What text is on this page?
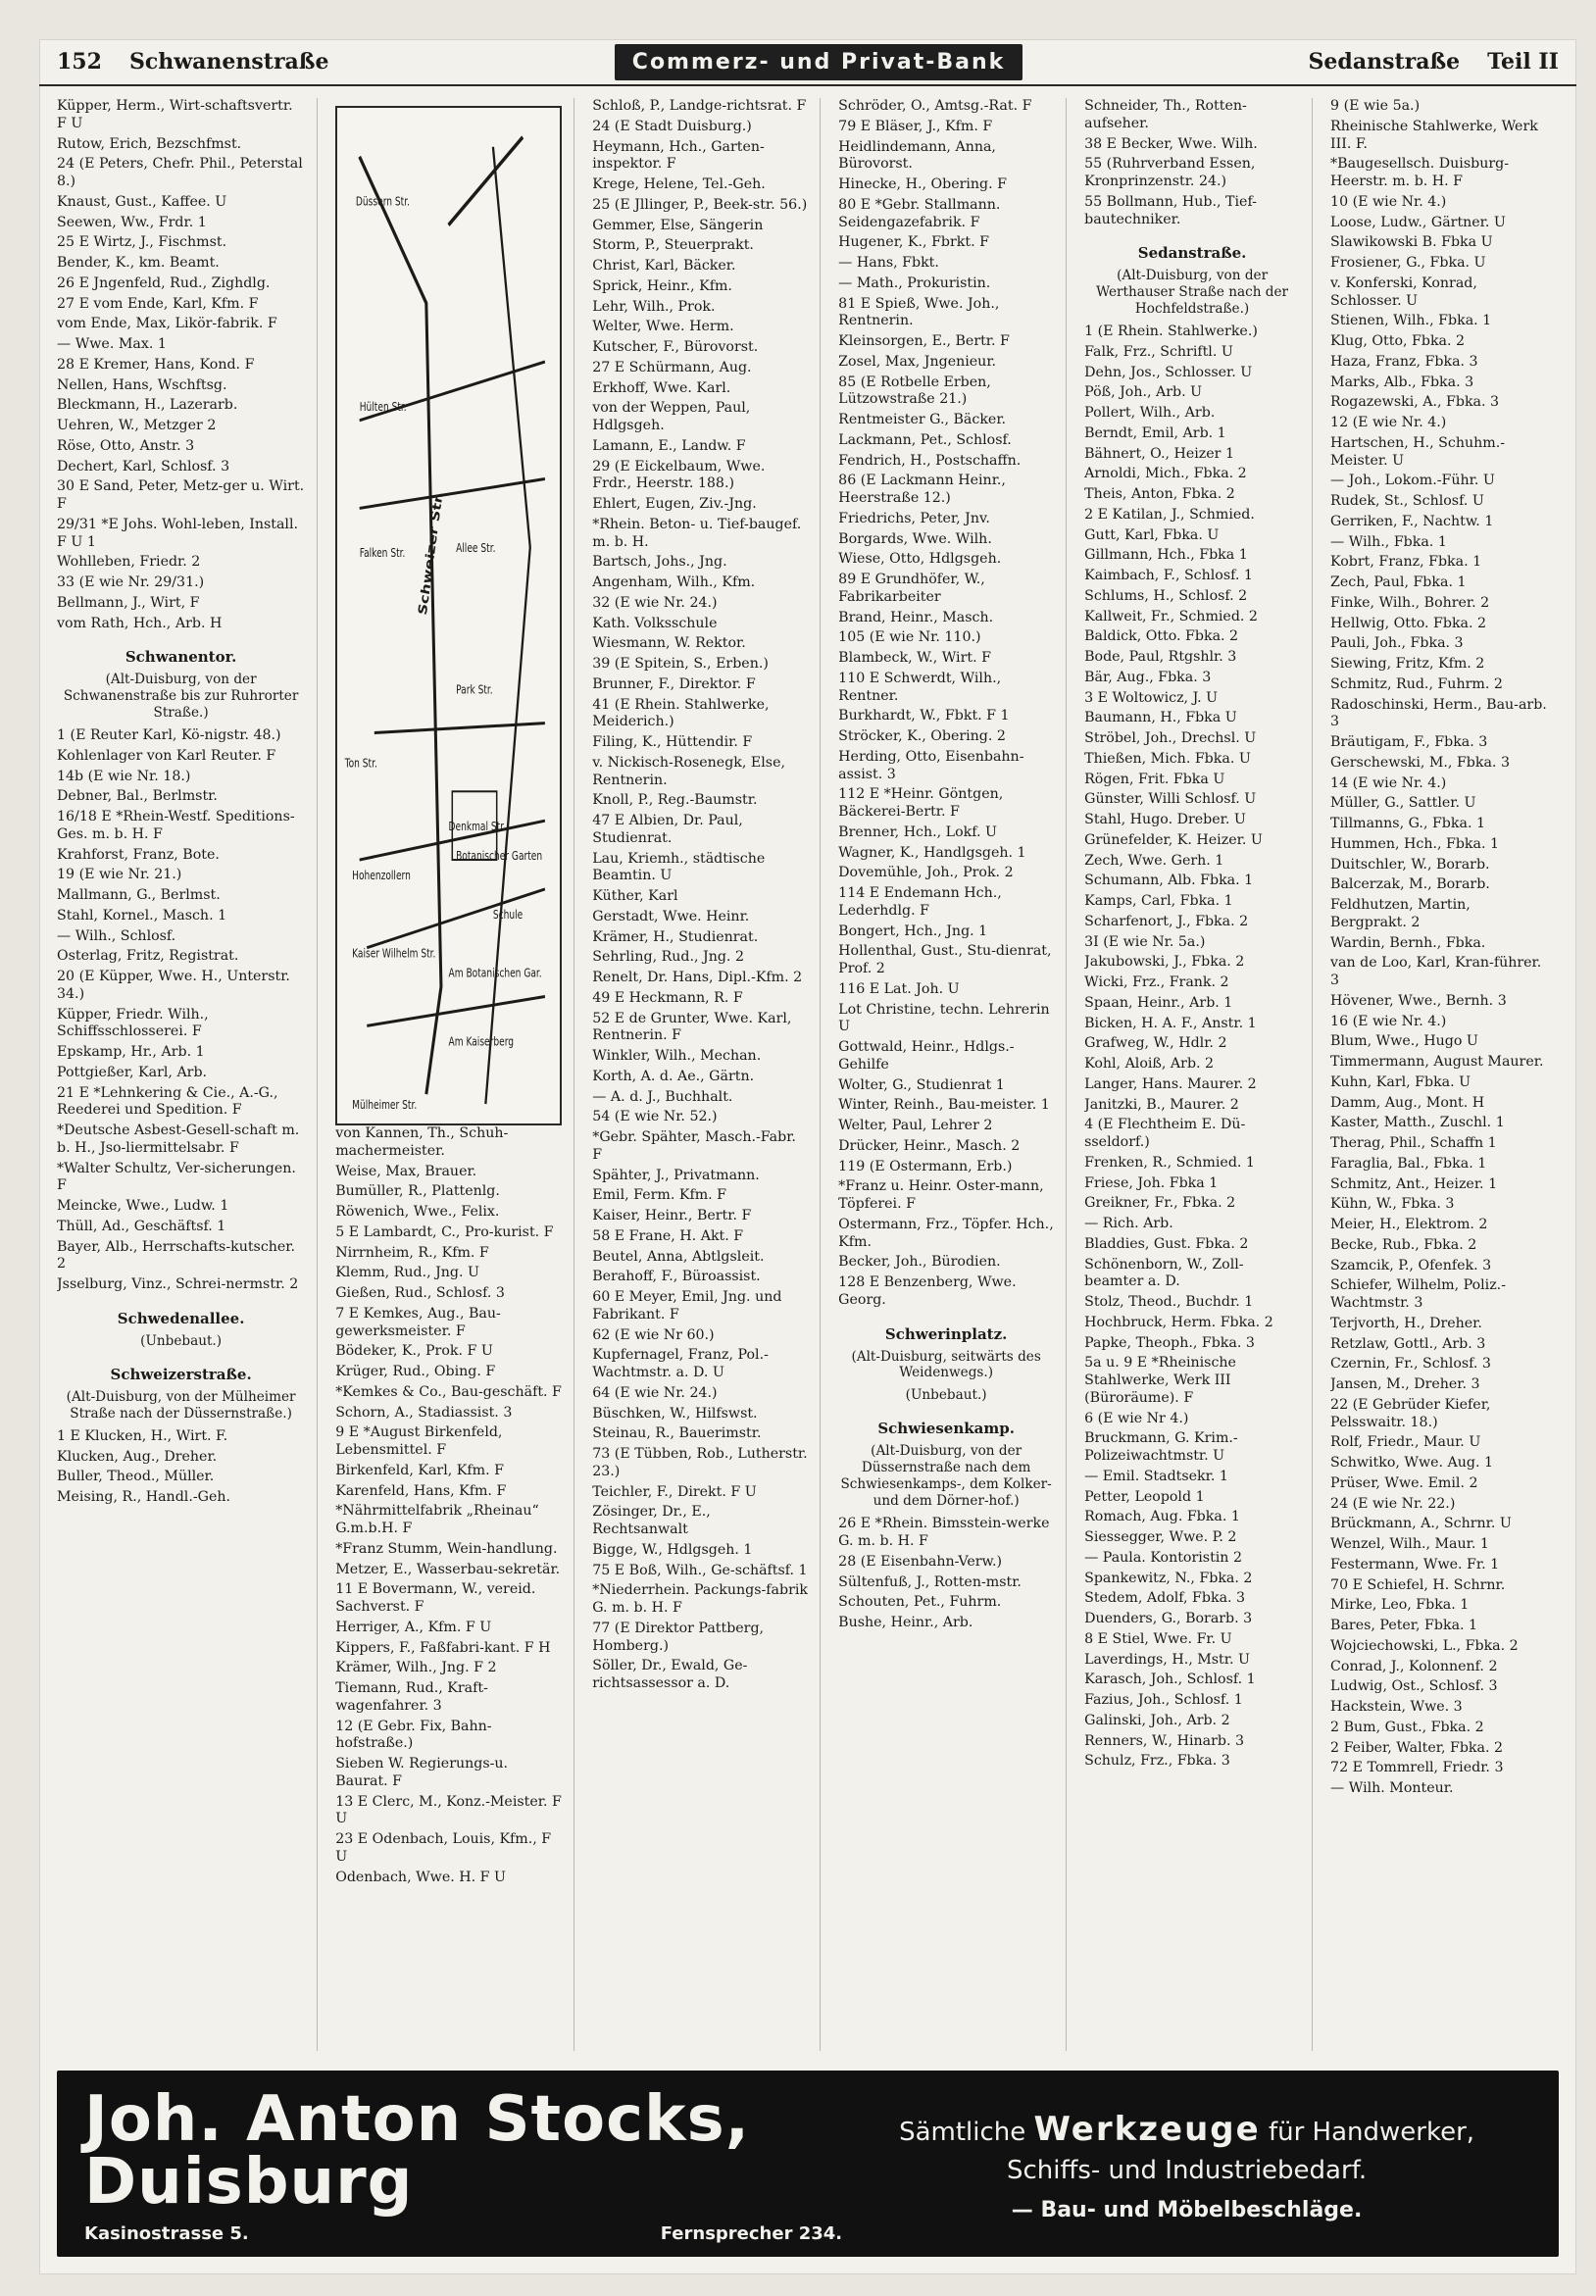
152 Schwanenstraße	Commerz- und Privat-Bank	Sedanstraße Teil II
Küpper, Herm., Wirt-schaftsvertr. F U
Rutow, Erich, Bezschfmst.
24 (E Peters, Chefr. Phil., Peterstal 8.)
Knaust, Gust., Kaffee. U
Seewen, Ww., Frdr. 1
25 E Wirtz, J., Fischmst.
Bender, K., km. Beamt.
26 E Jngenfeld, Rud., Zighdlg.
27 E vom Ende, Karl, Kfm. F
vom Ende, Max, Likör-fabrik. F
— Wwe. Max. 1
28 E Kremer, Hans, Kond. F
Nellen, Hans, Wschftsg.
Bleckmann, H., Lazerarb.
Uehren, W., Metzger 2
Röse, Otto, Anstr. 3
Dechert, Karl, Schlosf. 3
30 E Sand, Peter, Metz-ger u. Wirt. F
29/31 *E Johs. Wohl-leben, Install. F U 1
Wohlleben, Friedr. 2
33 (E wie Nr. 29/31.)
Bellmann, J., Wirt, F
vom Rath, Hch., Arb. H
Schwanentor.
(Alt-Duisburg, von der Schwanenstraße bis zur Ruhrorter Straße.)
1 (E Reuter Karl, Kö-nigstr. 48.)
Kohlenlager von Karl Reuter. F
14b (E wie Nr. 18.)
Debner, Bal., Berlmstr.
16/18 E *Rhein-Westf. Speditions-Ges. m. b. H. F
Krahforst, Franz, Bote.
19 (E wie Nr. 21.)
Mallmann, G., Berlmst.
Stahl, Kornel., Masch. 1
— Wilh., Schlosf.
Osterlag, Fritz, Registrat.
20 (E Küpper, Wwe. H., Unterstr. 34.)
Küpper, Friedr. Wilh., Schiffsschlosserei. F
Epskamp, Hr., Arb. 1
Pottgießer, Karl, Arb.
21 E *Lehnkering & Cie., A.-G., Reederei und Spedition. F
*Deutsche Asbest-Gesell-schaft m. b. H., Jso-liermittelsabr. F
*Walter Schultz, Ver-sicherungen. F
Meincke, Wwe., Ludw. 1
Thüll, Ad., Geschäftsf. 1
Bayer, Alb., Herrschafts-kutscher. 2
Jsselburg, Vinz., Schrei-nermstr. 2
Schwedenallee.
(Unbebaut.)
Schweizerstraße.
(Alt-Duisburg, von der Mülheimer Straße nach der Düssernstraße.)
1 E Klucken, H., Wirt. F.
Klucken, Aug., Dreher.
Buller, Theod., Müller.
Meising, R., Handl.-Geh.
Schweizer Str. Allee Str.
Park Str.
Denkmal Str.
Hohenzollern
Kaiser Wilhelm Str.
Botanischer Garten
Schule
Am Botanischen Gar.
Am Kaiserberg
Mülheimer Str.
Düssern Str.
Ton Str.
Falken Str.
Hülten Str.
von Kannen, Th., Schuh-machermeister.
Weise, Max, Brauer.
Bumüller, R., Plattenlg.
Röwenich, Wwe., Felix.
5 E Lambardt, C., Pro-kurist. F
Nirrnheim, R., Kfm. F
Klemm, Rud., Jng. U
Gießen, Rud., Schlosf. 3
7 E Kemkes, Aug., Bau-gewerksmeister. F
Bödeker, K., Prok. F U
Krüger, Rud., Obing. F
*Kemkes & Co., Bau-geschäft. F
Schorn, A., Stadiassist. 3
9 E *August Birkenfeld, Lebensmittel. F
Birkenfeld, Karl, Kfm. F
Karenfeld, Hans, Kfm. F
*Nährmittelfabrik „Rheinau“ G.m.b.H. F
*Franz Stumm, Wein-handlung.
Metzer, E., Wasserbau-sekretär.
11 E Bovermann, W., vereid. Sachverst. F
Herriger, A., Kfm. F U
Kippers, F., Faßfabri-kant. F H
Krämer, Wilh., Jng. F 2
Tiemann, Rud., Kraft-wagenfahrer. 3
12 (E Gebr. Fix, Bahn-hofstraße.)
Sieben W. Regierungs-u. Baurat. F
13 E Clerc, M., Konz.-Meister. F U
23 E Odenbach, Louis, Kfm., F U
Odenbach, Wwe. H. F U
Schloß, P., Landge-richtsrat. F
24 (E Stadt Duisburg.)
Heymann, Hch., Garten-inspektor. F
Krege, Helene, Tel.-Geh.
25 (E Jllinger, P., Beek-str. 56.)
Gemmer, Else, Sängerin
Storm, P., Steuerprakt.
Christ, Karl, Bäcker.
Sprick, Heinr., Kfm.
Lehr, Wilh., Prok.
Welter, Wwe. Herm.
Kutscher, F., Bürovorst.
27 E Schürmann, Aug.
Erkhoff, Wwe. Karl.
von der Weppen, Paul, Hdlgsgeh.
Lamann, E., Landw. F
29 (E Eickelbaum, Wwe. Frdr., Heerstr. 188.)
Ehlert, Eugen, Ziv.-Jng.
*Rhein. Beton- u. Tief-baugef. m. b. H.
Bartsch, Johs., Jng.
Angenham, Wilh., Kfm.
32 (E wie Nr. 24.)
Kath. Volksschule
Wiesmann, W. Rektor.
39 (E Spitein, S., Erben.)
Brunner, F., Direktor. F
41 (E Rhein. Stahlwerke, Meiderich.)
Filing, K., Hüttendir. F
v. Nickisch-Rosenegk, Else, Rentnerin.
Knoll, P., Reg.-Baumstr.
47 E Albien, Dr. Paul, Studienrat.
Lau, Kriemh., städtische Beamtin. U
Küther, Karl
Gerstadt, Wwe. Heinr.
Krämer, H., Studienrat.
Sehrling, Rud., Jng. 2
Renelt, Dr. Hans, Dipl.-Kfm. 2
49 E Heckmann, R. F
52 E de Grunter, Wwe. Karl, Rentnerin. F
Winkler, Wilh., Mechan.
Korth, A. d. Ae., Gärtn.
— A. d. J., Buchhalt.
54 (E wie Nr. 52.)
*Gebr. Spähter, Masch.-Fabr. F
Spähter, J., Privatmann.
Emil, Ferm. Kfm. F
Kaiser, Heinr., Bertr. F
58 E Frane, H. Akt. F
Beutel, Anna, Abtlgsleit.
Berahoff, F., Büroassist.
60 E Meyer, Emil, Jng. und Fabrikant. F
62 (E wie Nr 60.)
Kupfernagel, Franz, Pol.-Wachtmstr. a. D. U
64 (E wie Nr. 24.)
Büschken, W., Hilfswst.
Steinau, R., Bauerimstr.
73 (E Tübben, Rob., Lutherstr. 23.)
Teichler, F., Direkt. F U
Zösinger, Dr., E., Rechtsanwalt
Bigge, W., Hdlgsgeh. 1
75 E Boß, Wilh., Ge-schäftsf. 1
*Niederrhein. Packungs-fabrik G. m. b. H. F
77 (E Direktor Pattberg, Homberg.)
Söller, Dr., Ewald, Ge-richtsassessor a. D.
Schröder, O., Amtsg.-Rat. F
79 E Bläser, J., Kfm. F
Heidlindemann, Anna, Bürovorst.
Hinecke, H., Obering. F
80 E *Gebr. Stallmann. Seidengazefabrik. F
Hugener, K., Fbrkt. F
— Hans, Fbkt.
— Math., Prokuristin.
81 E Spieß, Wwe. Joh., Rentnerin.
Kleinsorgen, E., Bertr. F
Zosel, Max, Jngenieur.
85 (E Rotbelle Erben, Lützowstraße 21.)
Rentmeister G., Bäcker.
Lackmann, Pet., Schlosf.
Fendrich, H., Postschaffn.
86 (E Lackmann Heinr., Heerstraße 12.)
Friedrichs, Peter, Jnv.
Borgards, Wwe. Wilh.
Wiese, Otto, Hdlgsgeh.
89 E Grundhöfer, W., Fabrikarbeiter
Brand, Heinr., Masch.
105 (E wie Nr. 110.)
Blambeck, W., Wirt. F
110 E Schwerdt, Wilh., Rentner.
Burkhardt, W., Fbkt. F 1
Ströcker, K., Obering. 2
Herding, Otto, Eisenbahn-assist. 3
112 E *Heinr. Göntgen, Bäckerei-Bertr. F
Brenner, Hch., Lokf. U
Wagner, K., Handlgsgeh. 1
Dovemühle, Joh., Prok. 2
114 E Endemann Hch., Lederhdlg. F
Bongert, Hch., Jng. 1
Hollenthal, Gust., Stu-dienrat, Prof. 2
116 E Lat. Joh. U
Lot Christine, techn. Lehrerin U
Gottwald, Heinr., Hdlgs.-Gehilfe
Wolter, G., Studienrat 1
Winter, Reinh., Bau-meister. 1
Welter, Paul, Lehrer 2
Drücker, Heinr., Masch. 2
119 (E Ostermann, Erb.)
*Franz u. Heinr. Oster-mann, Töpferei. F
Ostermann, Frz., Töpfer. Hch., Kfm.
Becker, Joh., Bürodien.
128 E Benzenberg, Wwe. Georg.
Schwerinplatz.
(Alt-Duisburg, seitwärts des Weidenwegs.)
(Unbebaut.)
Schwiesenkamp.
(Alt-Duisburg, von der Düssernstraße nach dem Schwiesenkamps-, dem Kolker- und dem Dörner-hof.)
26 E *Rhein. Bimsstein-werke G. m. b. H. F
28 (E Eisenbahn-Verw.)
Sültenfuß, J., Rotten-mstr.
Schouten, Pet., Fuhrm.
Bushe, Heinr., Arb.
Schneider, Th., Rotten-aufseher.
38 E Becker, Wwe. Wilh.
55 (Ruhrverband Essen, Kronprinzenstr. 24.)
55 Bollmann, Hub., Tief-bautechniker.
Sedanstraße.
(Alt-Duisburg, von der Werthauser Straße nach der Hochfeldstraße.)
1 (E Rhein. Stahlwerke.)
Falk, Frz., Schriftl. U
Dehn, Jos., Schlosser. U
Pöß, Joh., Arb. U
Pollert, Wilh., Arb.
Berndt, Emil, Arb. 1
Bähnert, O., Heizer 1
Arnoldi, Mich., Fbka. 2
Theis, Anton, Fbka. 2
2 E Katilan, J., Schmied.
Gutt, Karl, Fbka. U
Gillmann, Hch., Fbka 1
Kaimbach, F., Schlosf. 1
Schlums, H., Schlosf. 2
Kallweit, Fr., Schmied. 2
Baldick, Otto. Fbka. 2
Bode, Paul, Rtgshlr. 3
Bär, Aug., Fbka. 3
3 E Woltowicz, J. U
Baumann, H., Fbka U
Ströbel, Joh., Drechsl. U
Thießen, Mich. Fbka. U
Rögen, Frit. Fbka U
Günster, Willi Schlosf. U
Stahl, Hugo. Dreber. U
Grünefelder, K. Heizer. U
Zech, Wwe. Gerh. 1
Schumann, Alb. Fbka. 1
Kamps, Carl, Fbka. 1
Scharfenort, J., Fbka. 2
3I (E wie Nr. 5a.)
Jakubowski, J., Fbka. 2
Wicki, Frz., Frank. 2
Spaan, Heinr., Arb. 1
Bicken, H. A. F., Anstr. 1
Grafweg, W., Hdlr. 2
Kohl, Aloiß, Arb. 2
Langer, Hans. Maurer. 2
Janitzki, B., Maurer. 2
4 (E Flechtheim E. Dü-sseldorf.)
Frenken, R., Schmied. 1
Friese, Joh. Fbka 1
Greikner, Fr., Fbka. 2
— Rich. Arb.
Bladdies, Gust. Fbka. 2
Schönenborn, W., Zoll-beamter a. D.
Stolz, Theod., Buchdr. 1
Hochbruck, Herm. Fbka. 2
Papke, Theoph., Fbka. 3
5a u. 9 E *Rheinische Stahlwerke, Werk III (Büroräume). F
6 (E wie Nr 4.)
Bruckmann, G. Krim.-Polizeiwachtmstr. U
— Emil. Stadtsekr. 1
Petter, Leopold 1
Romach, Aug. Fbka. 1
Siessegger, Wwe. P. 2
— Paula. Kontoristin 2
Spankewitz, N., Fbka. 2
Stedem, Adolf, Fbka. 3
Duenders, G., Borarb. 3
8 E Stiel, Wwe. Fr. U
Laverdings, H., Mstr. U
Karasch, Joh., Schlosf. 1
Fazius, Joh., Schlosf. 1
Galinski, Joh., Arb. 2
Renners, W., Hinarb. 3
Schulz, Frz., Fbka. 3
9 (E wie 5a.)
Rheinische Stahlwerke, Werk III. F.
*Baugesellsch. Duisburg-Heerstr. m. b. H. F
10 (E wie Nr. 4.)
Loose, Ludw., Gärtner. U
Slawikowski B. Fbka U
Frosiener, G., Fbka. U
v. Konferski, Konrad, Schlosser. U
Stienen, Wilh., Fbka. 1
Klug, Otto, Fbka. 2
Haza, Franz, Fbka. 3
Marks, Alb., Fbka. 3
Rogazewski, A., Fbka. 3
12 (E wie Nr. 4.)
Hartschen, H., Schuhm.-Meister. U
— Joh., Lokom.-Führ. U
Rudek, St., Schlosf. U
Gerriken, F., Nachtw. 1
— Wilh., Fbka. 1
Kobrt, Franz, Fbka. 1
Zech, Paul, Fbka. 1
Finke, Wilh., Bohrer. 2
Hellwig, Otto. Fbka. 2
Pauli, Joh., Fbka. 3
Siewing, Fritz, Kfm. 2
Schmitz, Rud., Fuhrm. 2
Radoschinski, Herm., Bau-arb. 3
Bräutigam, F., Fbka. 3
Gerschewski, M., Fbka. 3
14 (E wie Nr. 4.)
Müller, G., Sattler. U
Tillmanns, G., Fbka. 1
Hummen, Hch., Fbka. 1
Duitschler, W., Borarb.
Balcerzak, M., Borarb.
Feldhutzen, Martin, Bergprakt. 2
Wardin, Bernh., Fbka.
van de Loo, Karl, Kran-führer. 3
Hövener, Wwe., Bernh. 3
16 (E wie Nr. 4.)
Blum, Wwe., Hugo U
Timmermann, August Maurer.
Kuhn, Karl, Fbka. U
Damm, Aug., Mont. H
Kaster, Matth., Zuschl. 1
Therag, Phil., Schaffn 1
Faraglia, Bal., Fbka. 1
Schmitz, Ant., Heizer. 1
Kühn, W., Fbka. 3
Meier, H., Elektrom. 2
Becke, Rub., Fbka. 2
Szamcik, P., Ofenfek. 3
Schiefer, Wilhelm, Poliz.-Wachtmstr. 3
Terjvorth, H., Dreher.
Retzlaw, Gottl., Arb. 3
Czernin, Fr., Schlosf. 3
Jansen, M., Dreher. 3
22 (E Gebrüder Kiefer, Pelsswaitr. 18.)
Rolf, Friedr., Maur. U
Schwitko, Wwe. Aug. 1
Prüser, Wwe. Emil. 2
24 (E wie Nr. 22.)
Brückmann, A., Schrnr. U
Wenzel, Wilh., Maur. 1
Festermann, Wwe. Fr. 1
70 E Schiefel, H. Schrnr.
Mirke, Leo, Fbka. 1
Bares, Peter, Fbka. 1
Wojciechowski, L., Fbka. 2
Conrad, J., Kolonnenf. 2
Ludwig, Ost., Schlosf. 3
Hackstein, Wwe. 3
2 Bum, Gust., Fbka. 2
2 Feiber, Walter, Fbka. 2
72 E Tommrell, Friedr. 3
— Wilh. Monteur.
Joh. Anton Stocks, Duisburg
Kasinostrasse 5.	Fernsprecher 234.
Sämtliche Werkzeuge für Handwerker,
Schiffs- und Industriebedarf.
— Bau- und Möbelbeschläge.
